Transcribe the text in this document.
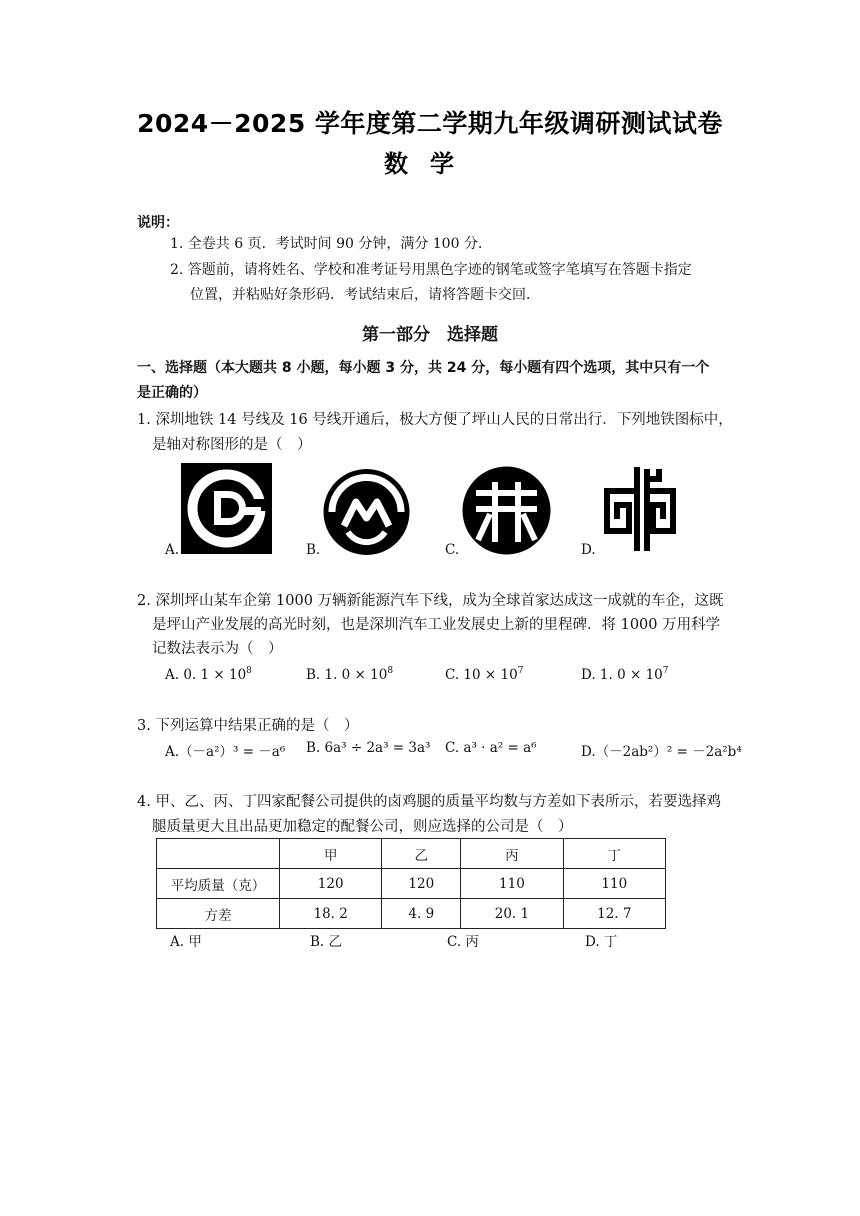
2024－2025 学年度第二学期九年级调研测试试卷
数学
说明：
1. 全卷共 6 页．考试时间 90 分钟，满分 100 分．
2. 答题前，请将姓名、学校和准考证号用黑色字迹的钢笔或签字笔填写在答题卡指定
位置，并粘贴好条形码．考试结束后，请将答题卡交回．
第一部分　选择题
一、选择题（本大题共 8 小题，每小题 3 分，共 24 分，每小题有四个选项，其中只有一个
是正确的）
1. 深圳地铁 14 号线及 16 号线开通后，极大方便了坪山人民的日常出行．下列地铁图标中，
是轴对称图形的是（　）
A.	B.	C.	D.
2. 深圳坪山某车企第 1000 万辆新能源汽车下线，成为全球首家达成这一成就的车企，这既
是坪山产业发展的高光时刻，也是深圳汽车工业发展史上新的里程碑．将 1000 万用科学
记数法表示为（　）
A. 0. $1 \times 10^8$	B. 1. $0 \times 10^8$	C. $10 \times 10^7$	D. 1. $0 \times 10^7$
3. 下列运算中结果正确的是（　）
A.（－a²）³ = －a⁶ B. 6a³ ÷ 2a³ = 3a³ C. a³ · a² = a⁶	D.（－2ab²）² = －2a²b⁴
4. 甲、乙、丙、丁四家配餐公司提供的卤鸡腿的质量平均数与方差如下表所示，若要选择鸡
腿质量更大且出品更加稳定的配餐公司，则应选择的公司是（　）
	甲	乙	丙	丁
平均质量（克）	120	120	110	110
方差	18. 2	4. 9	20. 1	12. 7
A. 甲	B. 乙	C. 丙	D. 丁
